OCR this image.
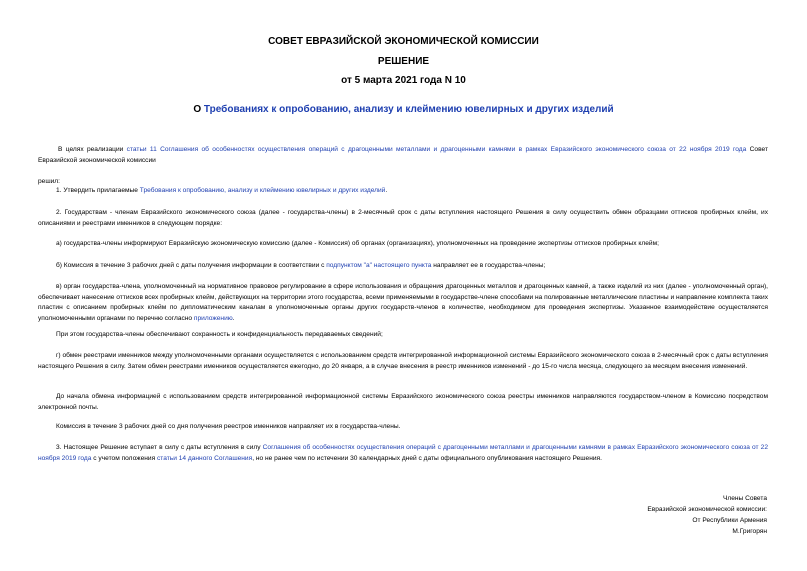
СОВЕТ ЕВРАЗИЙСКОЙ ЭКОНОМИЧЕСКОЙ КОМИССИИ
РЕШЕНИЕ
от 5 марта 2021 года N 10
О Требованиях к опробованию, анализу и клеймению ювелирных и других изделий
В целях реализации статьи 11 Соглашения об особенностях осуществления операций с драгоценными металлами и драгоценными камнями в рамках Евразийского экономического союза от 22 ноября 2019 года Совет Евразийской экономической комиссии
решил:
1. Утвердить прилагаемые Требования к опробованию, анализу и клеймению ювелирных и других изделий.
2. Государствам - членам Евразийского экономического союза (далее - государства-члены) в 2-месячный срок с даты вступления настоящего Решения в силу осуществить обмен образцами оттисков пробирных клейм, их описаниями и реестрами именников в следующем порядке:
а) государства-члены информируют Евразийскую экономическую комиссию (далее - Комиссия) об органах (организациях), уполномоченных на проведение экспертизы оттисков пробирных клейм;
б) Комиссия в течение 3 рабочих дней с даты получения информации в соответствии с подпунктом "а" настоящего пункта направляет ее в государства-члены;
в) орган государства-члена, уполномоченный на нормативное правовое регулирование в сфере использования и обращения драгоценных металлов и драгоценных камней, а также изделий из них (далее - уполномоченный орган), обеспечивает нанесение оттисков всех пробирных клейм, действующих на территории этого государства, всеми применяемыми в государстве-члене способами на полированные металлические пластины и направление комплекта таких пластин с описанием пробирных клейм по дипломатическим каналам в уполномоченные органы других государств-членов в количестве, необходимом для проведения экспертизы. Указанное взаимодействие осуществляется уполномоченными органами по перечню согласно приложению.
При этом государства-члены обеспечивают сохранность и конфиденциальность передаваемых сведений;
г) обмен реестрами именников между уполномоченными органами осуществляется с использованием средств интегрированной информационной системы Евразийского экономического союза в 2-месячный срок с даты вступления настоящего Решения в силу. Затем обмен реестрами именников осуществляется ежегодно, до 20 января, а в случае внесения в реестр именников изменений - до 15-го числа месяца, следующего за месяцем внесения изменений.
До начала обмена информацией с использованием средств интегрированной информационной системы Евразийского экономического союза реестры именников направляются государством-членом в Комиссию посредством электронной почты.
Комиссия в течение 3 рабочих дней со дня получения реестров именников направляет их в государства-члены.
3. Настоящее Решение вступает в силу с даты вступления в силу Соглашения об особенностях осуществления операций с драгоценными металлами и драгоценными камнями в рамках Евразийского экономического союза от 22 ноября 2019 года с учетом положения статьи 14 данного Соглашения, но не ранее чем по истечении 30 календарных дней с даты официального опубликования настоящего Решения.
Члены Совета
Евразийской экономической комиссии:
От Республики Армения
М.Григорян
